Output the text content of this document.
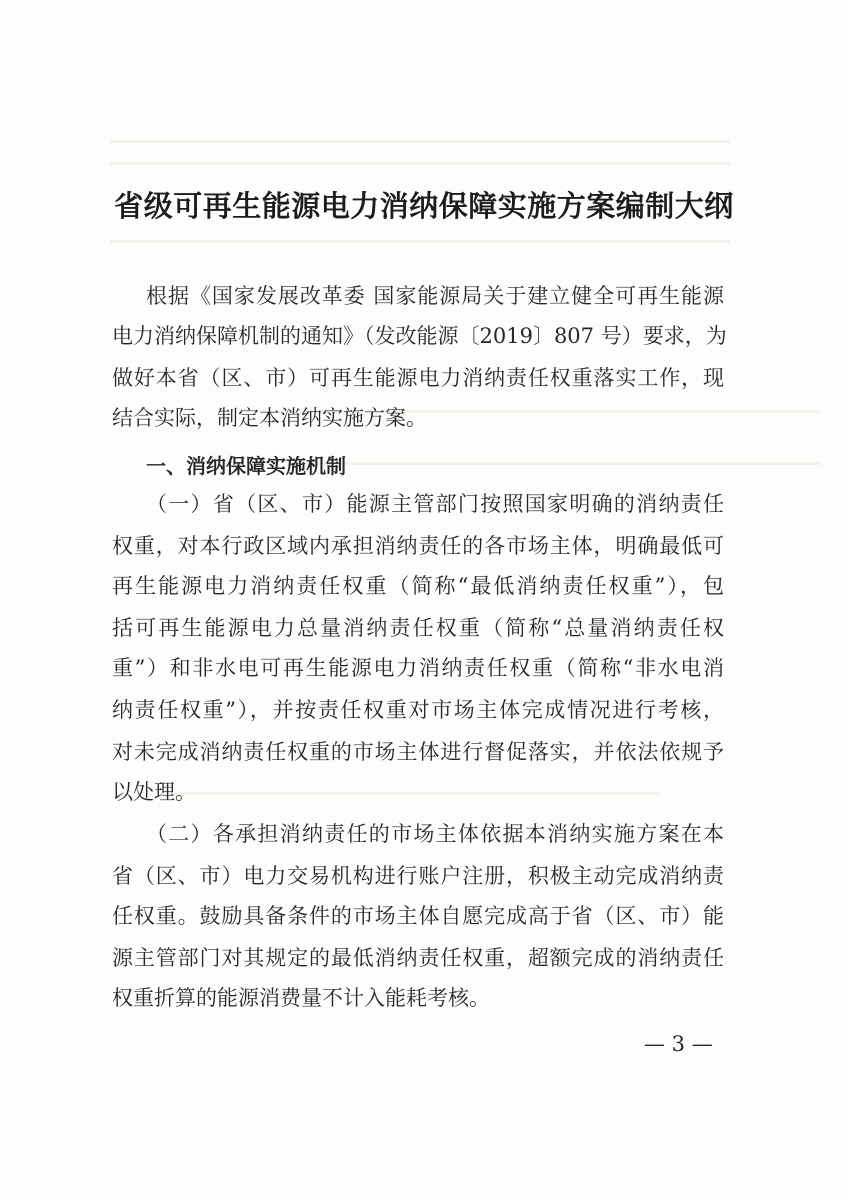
省级可再生能源电力消纳保障实施方案编制大纲
根据《国家发展改革委 国家能源局关于建立健全可再生能源
电力消纳保障机制的通知》（发改能源〔2019〕807 号）要求，为
做好本省（区、市）可再生能源电力消纳责任权重落实工作，现
结合实际，制定本消纳实施方案。
一、消纳保障实施机制
（一）省（区、市）能源主管部门按照国家明确的消纳责任
权重，对本行政区域内承担消纳责任的各市场主体，明确最低可
再生能源电力消纳责任权重（简称“最低消纳责任权重”），包
括可再生能源电力总量消纳责任权重（简称“总量消纳责任权
重”）和非水电可再生能源电力消纳责任权重（简称“非水电消
纳责任权重”），并按责任权重对市场主体完成情况进行考核，
对未完成消纳责任权重的市场主体进行督促落实，并依法依规予
以处理。
（二）各承担消纳责任的市场主体依据本消纳实施方案在本
省（区、市）电力交易机构进行账户注册，积极主动完成消纳责
任权重。鼓励具备条件的市场主体自愿完成高于省（区、市）能
源主管部门对其规定的最低消纳责任权重，超额完成的消纳责任
权重折算的能源消费量不计入能耗考核。
— 3 —
